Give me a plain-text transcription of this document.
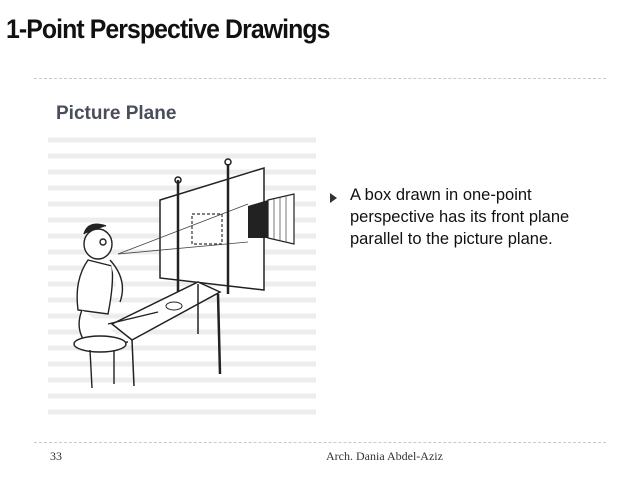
1-Point Perspective Drawings
Picture Plane
A box drawn in one-point perspective has its front plane parallel to the picture plane.
33	Arch. Dania Abdel-Aziz
